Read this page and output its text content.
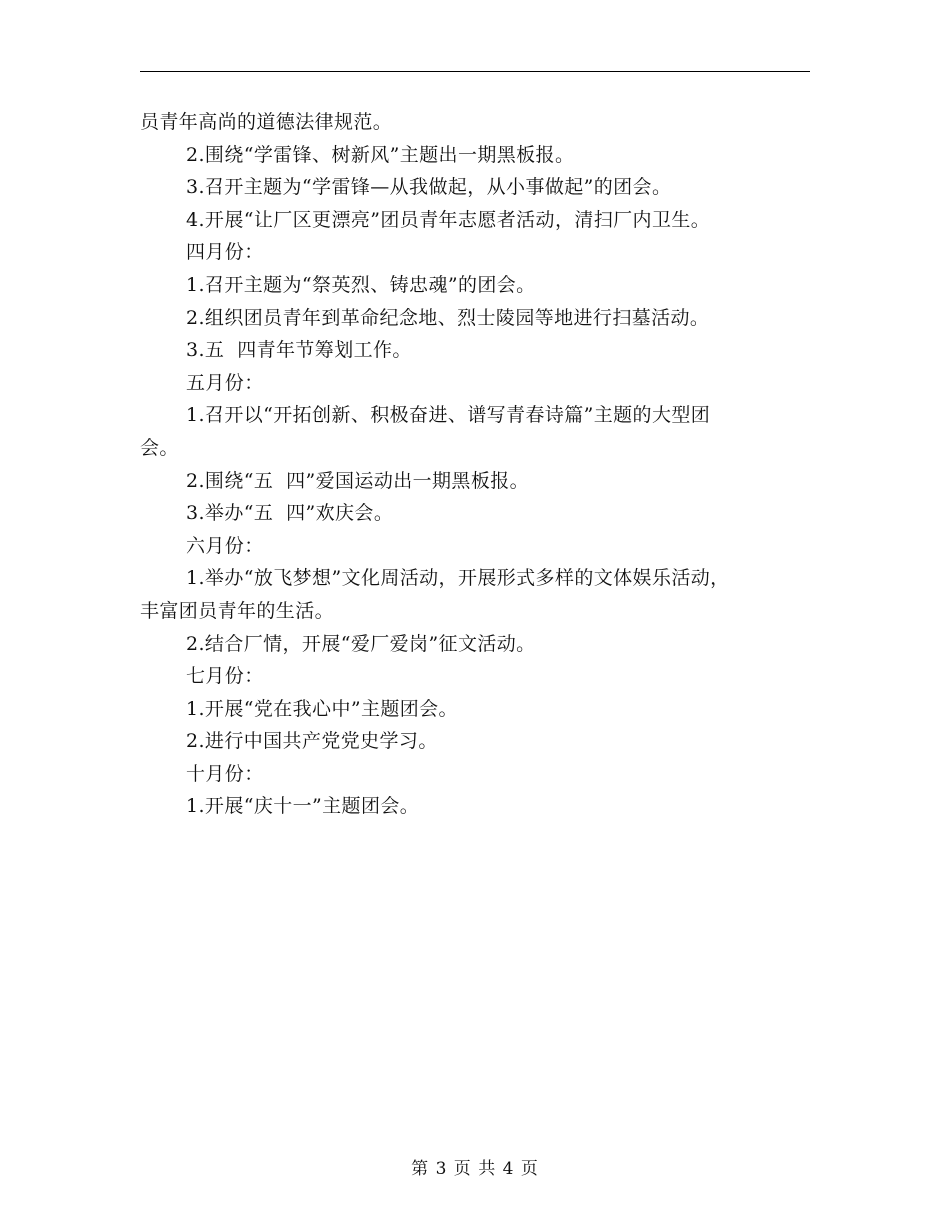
员青年高尚的道德法律规范。
2.围绕“学雷锋、树新风”主题出一期黑板报。
3.召开主题为“学雷锋—从我做起，从小事做起”的团会。
4.开展“让厂区更漂亮”团员青年志愿者活动，清扫厂内卫生。
四月份：
1.召开主题为“祭英烈、铸忠魂”的团会。
2.组织团员青年到革命纪念地、烈士陵园等地进行扫墓活动。
3.五  四青年节筹划工作。
五月份：
1.召开以“开拓创新、积极奋进、谱写青春诗篇”主题的大型团
会。
2.围绕“五  四”爱国运动出一期黑板报。
3.举办“五  四”欢庆会。
六月份：
1.举办“放飞梦想”文化周活动，开展形式多样的文体娱乐活动，
丰富团员青年的生活。
2.结合厂情，开展“爱厂爱岗”征文活动。
七月份：
1.开展“党在我心中”主题团会。
2.进行中国共产党党史学习。
十月份：
1.开展“庆十一”主题团会。
第 3 页 共 4 页
